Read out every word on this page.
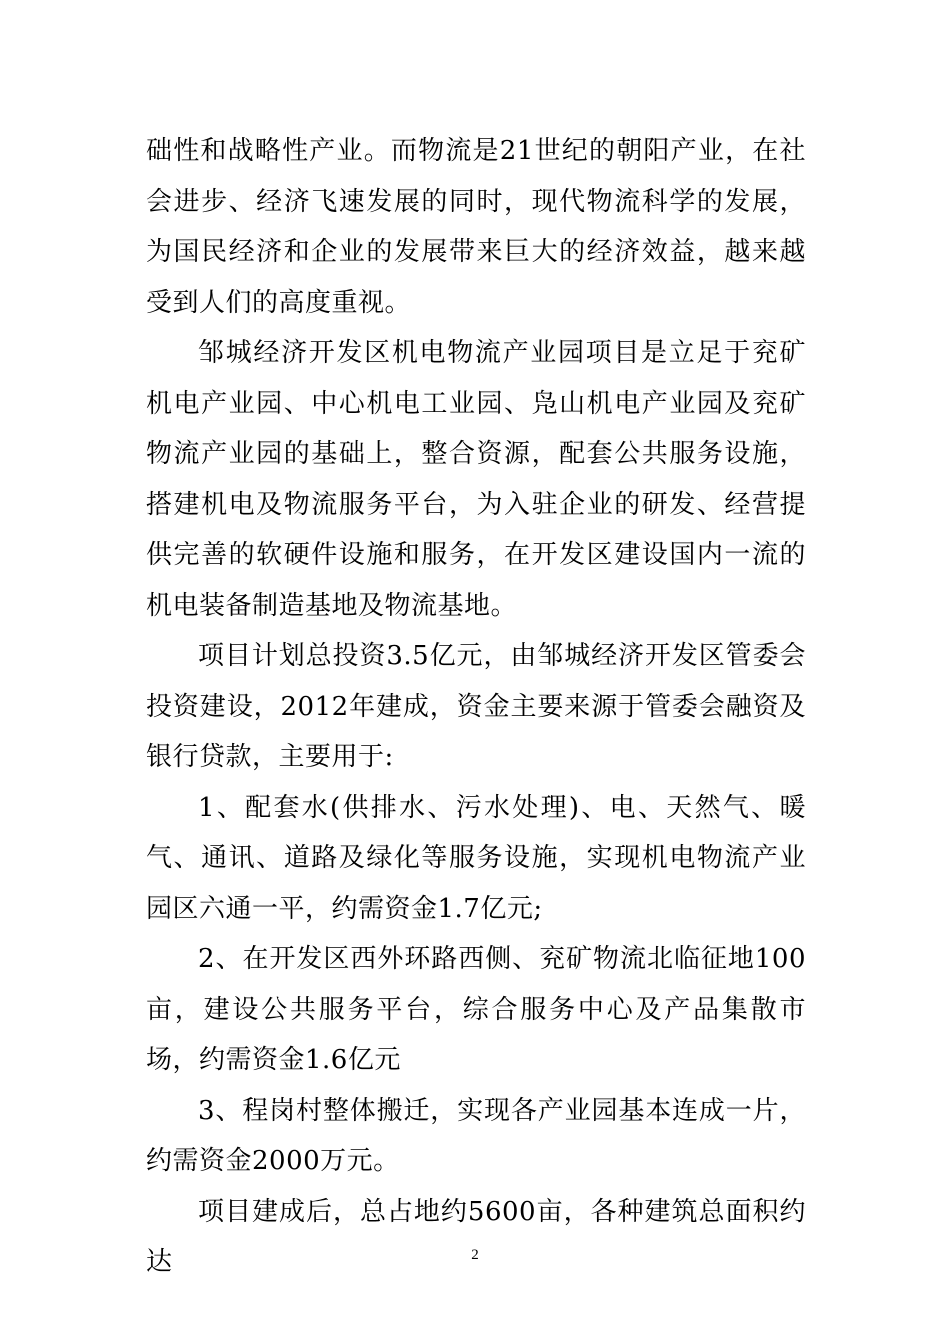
础性和战略性产业。而物流是21世纪的朝阳产业，在社会进步、经济飞速发展的同时，现代物流科学的发展，为国民经济和企业的发展带来巨大的经济效益，越来越受到人们的高度重视。

邹城经济开发区机电物流产业园项目是立足于兖矿机电产业园、中心机电工业园、凫山机电产业园及兖矿物流产业园的基础上，整合资源，配套公共服务设施，搭建机电及物流服务平台，为入驻企业的研发、经营提供完善的软硬件设施和服务，在开发区建设国内一流的机电装备制造基地及物流基地。

项目计划总投资3.5亿元，由邹城经济开发区管委会投资建设，2012年建成，资金主要来源于管委会融资及银行贷款，主要用于:

1、配套水(供排水、污水处理)、电、天然气、暖气、通讯、道路及绿化等服务设施，实现机电物流产业园区六通一平，约需资金1.7亿元;

2、在开发区西外环路西侧、兖矿物流北临征地100亩，建设公共服务平台，综合服务中心及产品集散市场，约需资金1.6亿元

3、程岗村整体搬迁，实现各产业园基本连成一片，约需资金2000万元。

项目建成后，总占地约5600亩，各种建筑总面积约达	2
